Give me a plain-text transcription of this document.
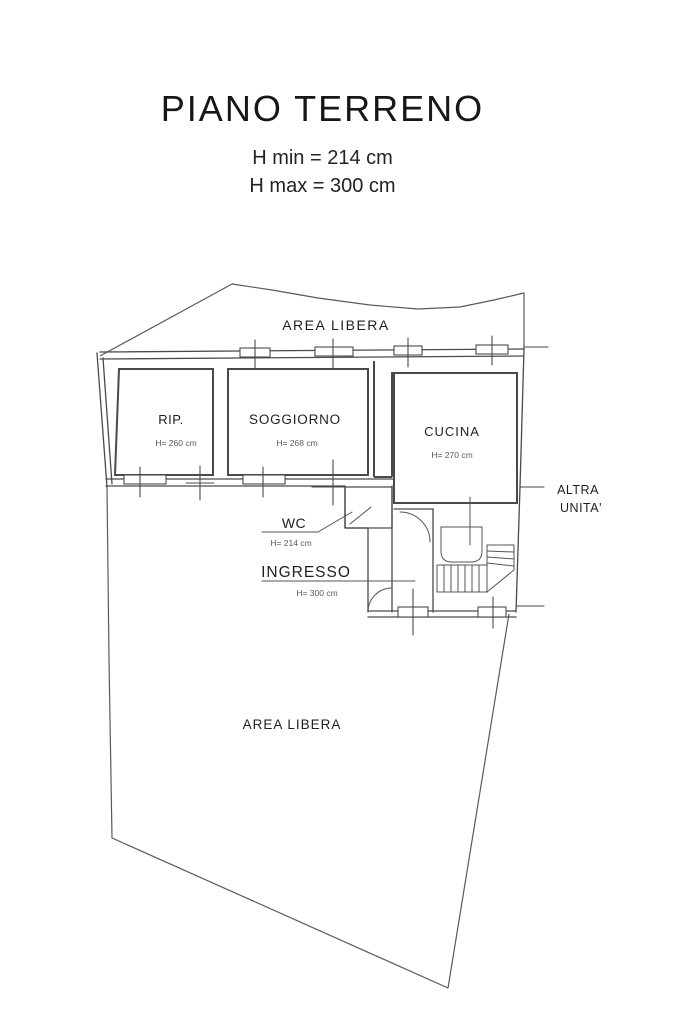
PIANO TERRENO

H min = 214 cm

H max = 300 cm

AREA LIBERA
RIP.
H= 260 cm
SOGGIORNO
H= 268 cm
CUCINA
H= 270 cm
WC
H= 214 cm
INGRESSO
H= 300 cm
AREA LIBERA
ALTRA
UNITA'
